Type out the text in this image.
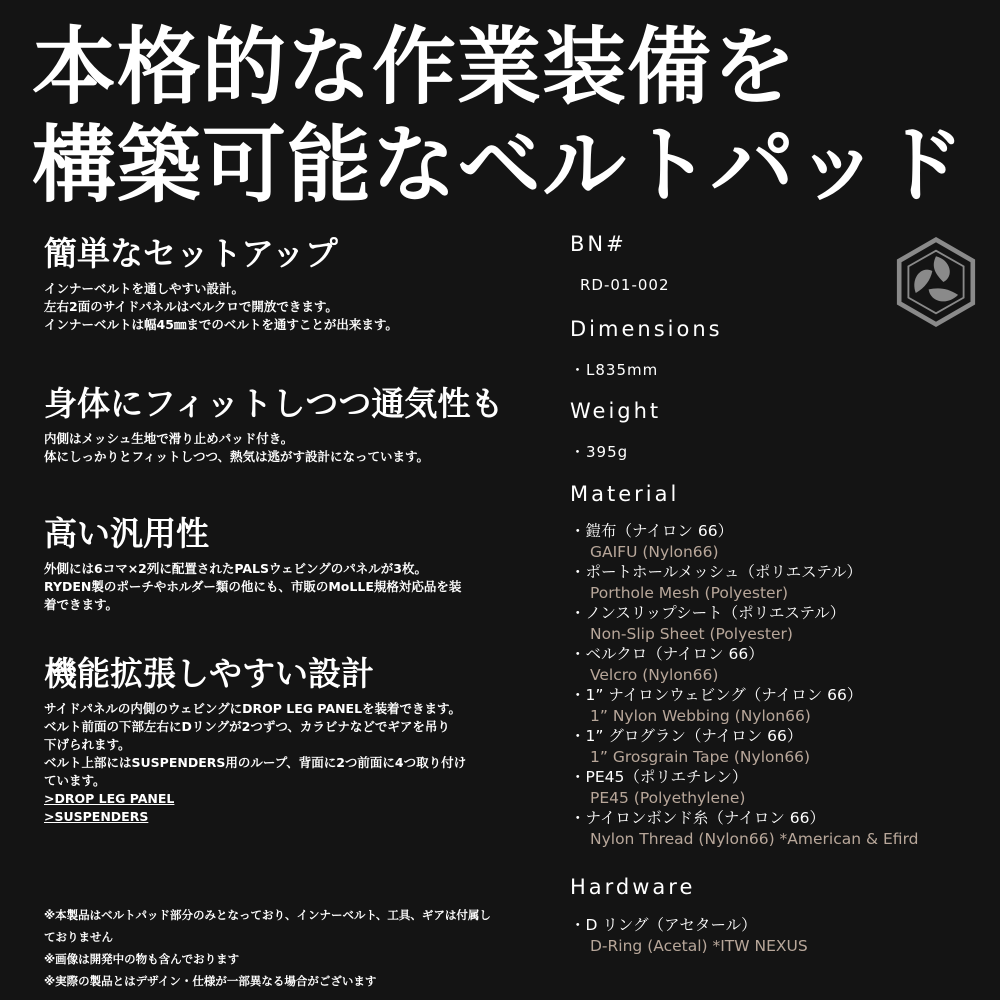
本格的な作業装備を
構築可能なベルトパッド
簡単なセットアップ
インナーベルトを通しやすい設計。
左右2面のサイドパネルはベルクロで開放できます。
インナーベルトは幅45㎜までのベルトを通すことが出来ます。
身体にフィットしつつ通気性も
内側はメッシュ生地で滑り止めパッド付き。
体にしっかりとフィットしつつ、熱気は逃がす設計になっています。
高い汎用性
外側には6コマ×2列に配置されたPALSウェビングのパネルが3枚。
RYDEN製のポーチやホルダー類の他にも、市販のMoLLE規格対応品を装
着できます。
機能拡張しやすい設計
サイドパネルの内側のウェビングにDROP LEG PANELを装着できます。
ベルト前面の下部左右にDリングが2つずつ、カラビナなどでギアを吊り
下げられます。
ベルト上部にはSUSPENDERS用のループ、背面に2つ前面に4つ取り付け
ています。
>DROP LEG PANEL
>SUSPENDERS
※本製品はベルトパッド部分のみとなっており、インナーベルト、工具、ギアは付属し
ておりません
※画像は開発中の物も含んでおります
※実際の製品とはデザイン・仕様が一部異なる場合がございます
BN#
RD-01-002
Dimensions
・L835mm
Weight
・395g
Material
・鎧布（ナイロン 66）
GAIFU (Nylon66)
・ポートホールメッシュ（ポリエステル）
Porthole Mesh (Polyester)
・ノンスリップシート（ポリエステル）
Non-Slip Sheet (Polyester)
・ベルクロ（ナイロン 66）
Velcro (Nylon66)
・1” ナイロンウェビング（ナイロン 66）
1” Nylon Webbing (Nylon66)
・1” グログラン（ナイロン 66）
1” Grosgrain Tape (Nylon66)
・PE45（ポリエチレン）
PE45 (Polyethylene)
・ナイロンボンド糸（ナイロン 66）
Nylon Thread (Nylon66) *American & Efird
Hardware
・D リング（アセタール）
D-Ring (Acetal) *ITW NEXUS
